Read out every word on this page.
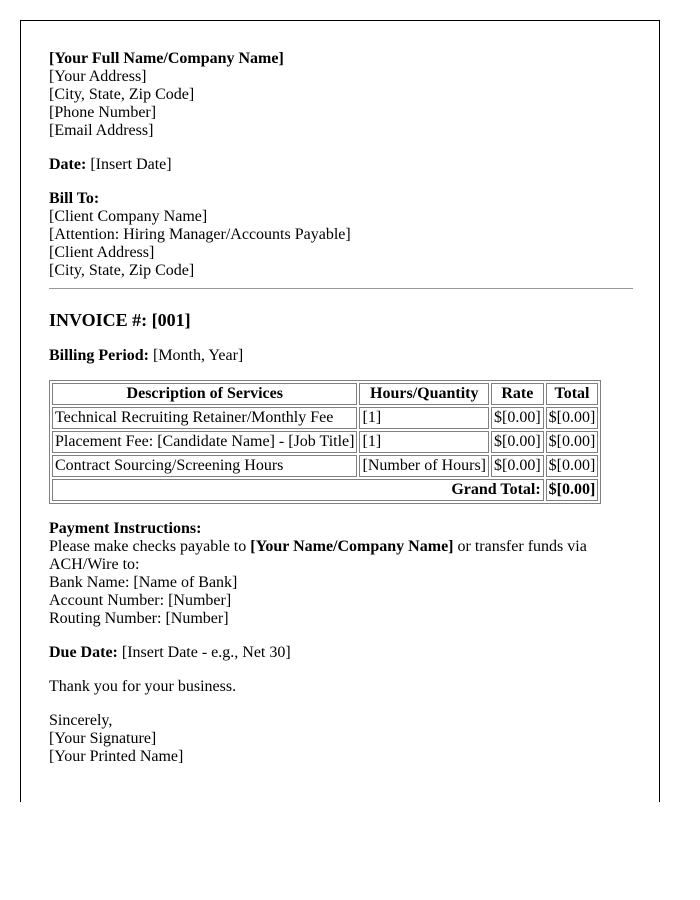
[Your Full Name/Company Name]
[Your Address]
[City, State, Zip Code]
[Phone Number]
[Email Address]
Date: [Insert Date]
Bill To:
[Client Company Name]
[Attention: Hiring Manager/Accounts Payable]
[Client Address]
[City, State, Zip Code]
INVOICE #: [001]
Billing Period: [Month, Year]
Description of Services	Hours/Quantity	Rate	Total
Technical Recruiting Retainer/Monthly Fee	[1]	$[0.00]	$[0.00]
Placement Fee: [Candidate Name] - [Job Title]	[1]	$[0.00]	$[0.00]
Contract Sourcing/Screening Hours	[Number of Hours]	$[0.00]	$[0.00]
Grand Total:			$[0.00]
Payment Instructions:
Please make checks payable to [Your Name/Company Name] or transfer funds via ACH/Wire to:
Bank Name: [Name of Bank]
Account Number: [Number]
Routing Number: [Number]
Due Date: [Insert Date - e.g., Net 30]
Thank you for your business.
Sincerely,
[Your Signature]
[Your Printed Name]
